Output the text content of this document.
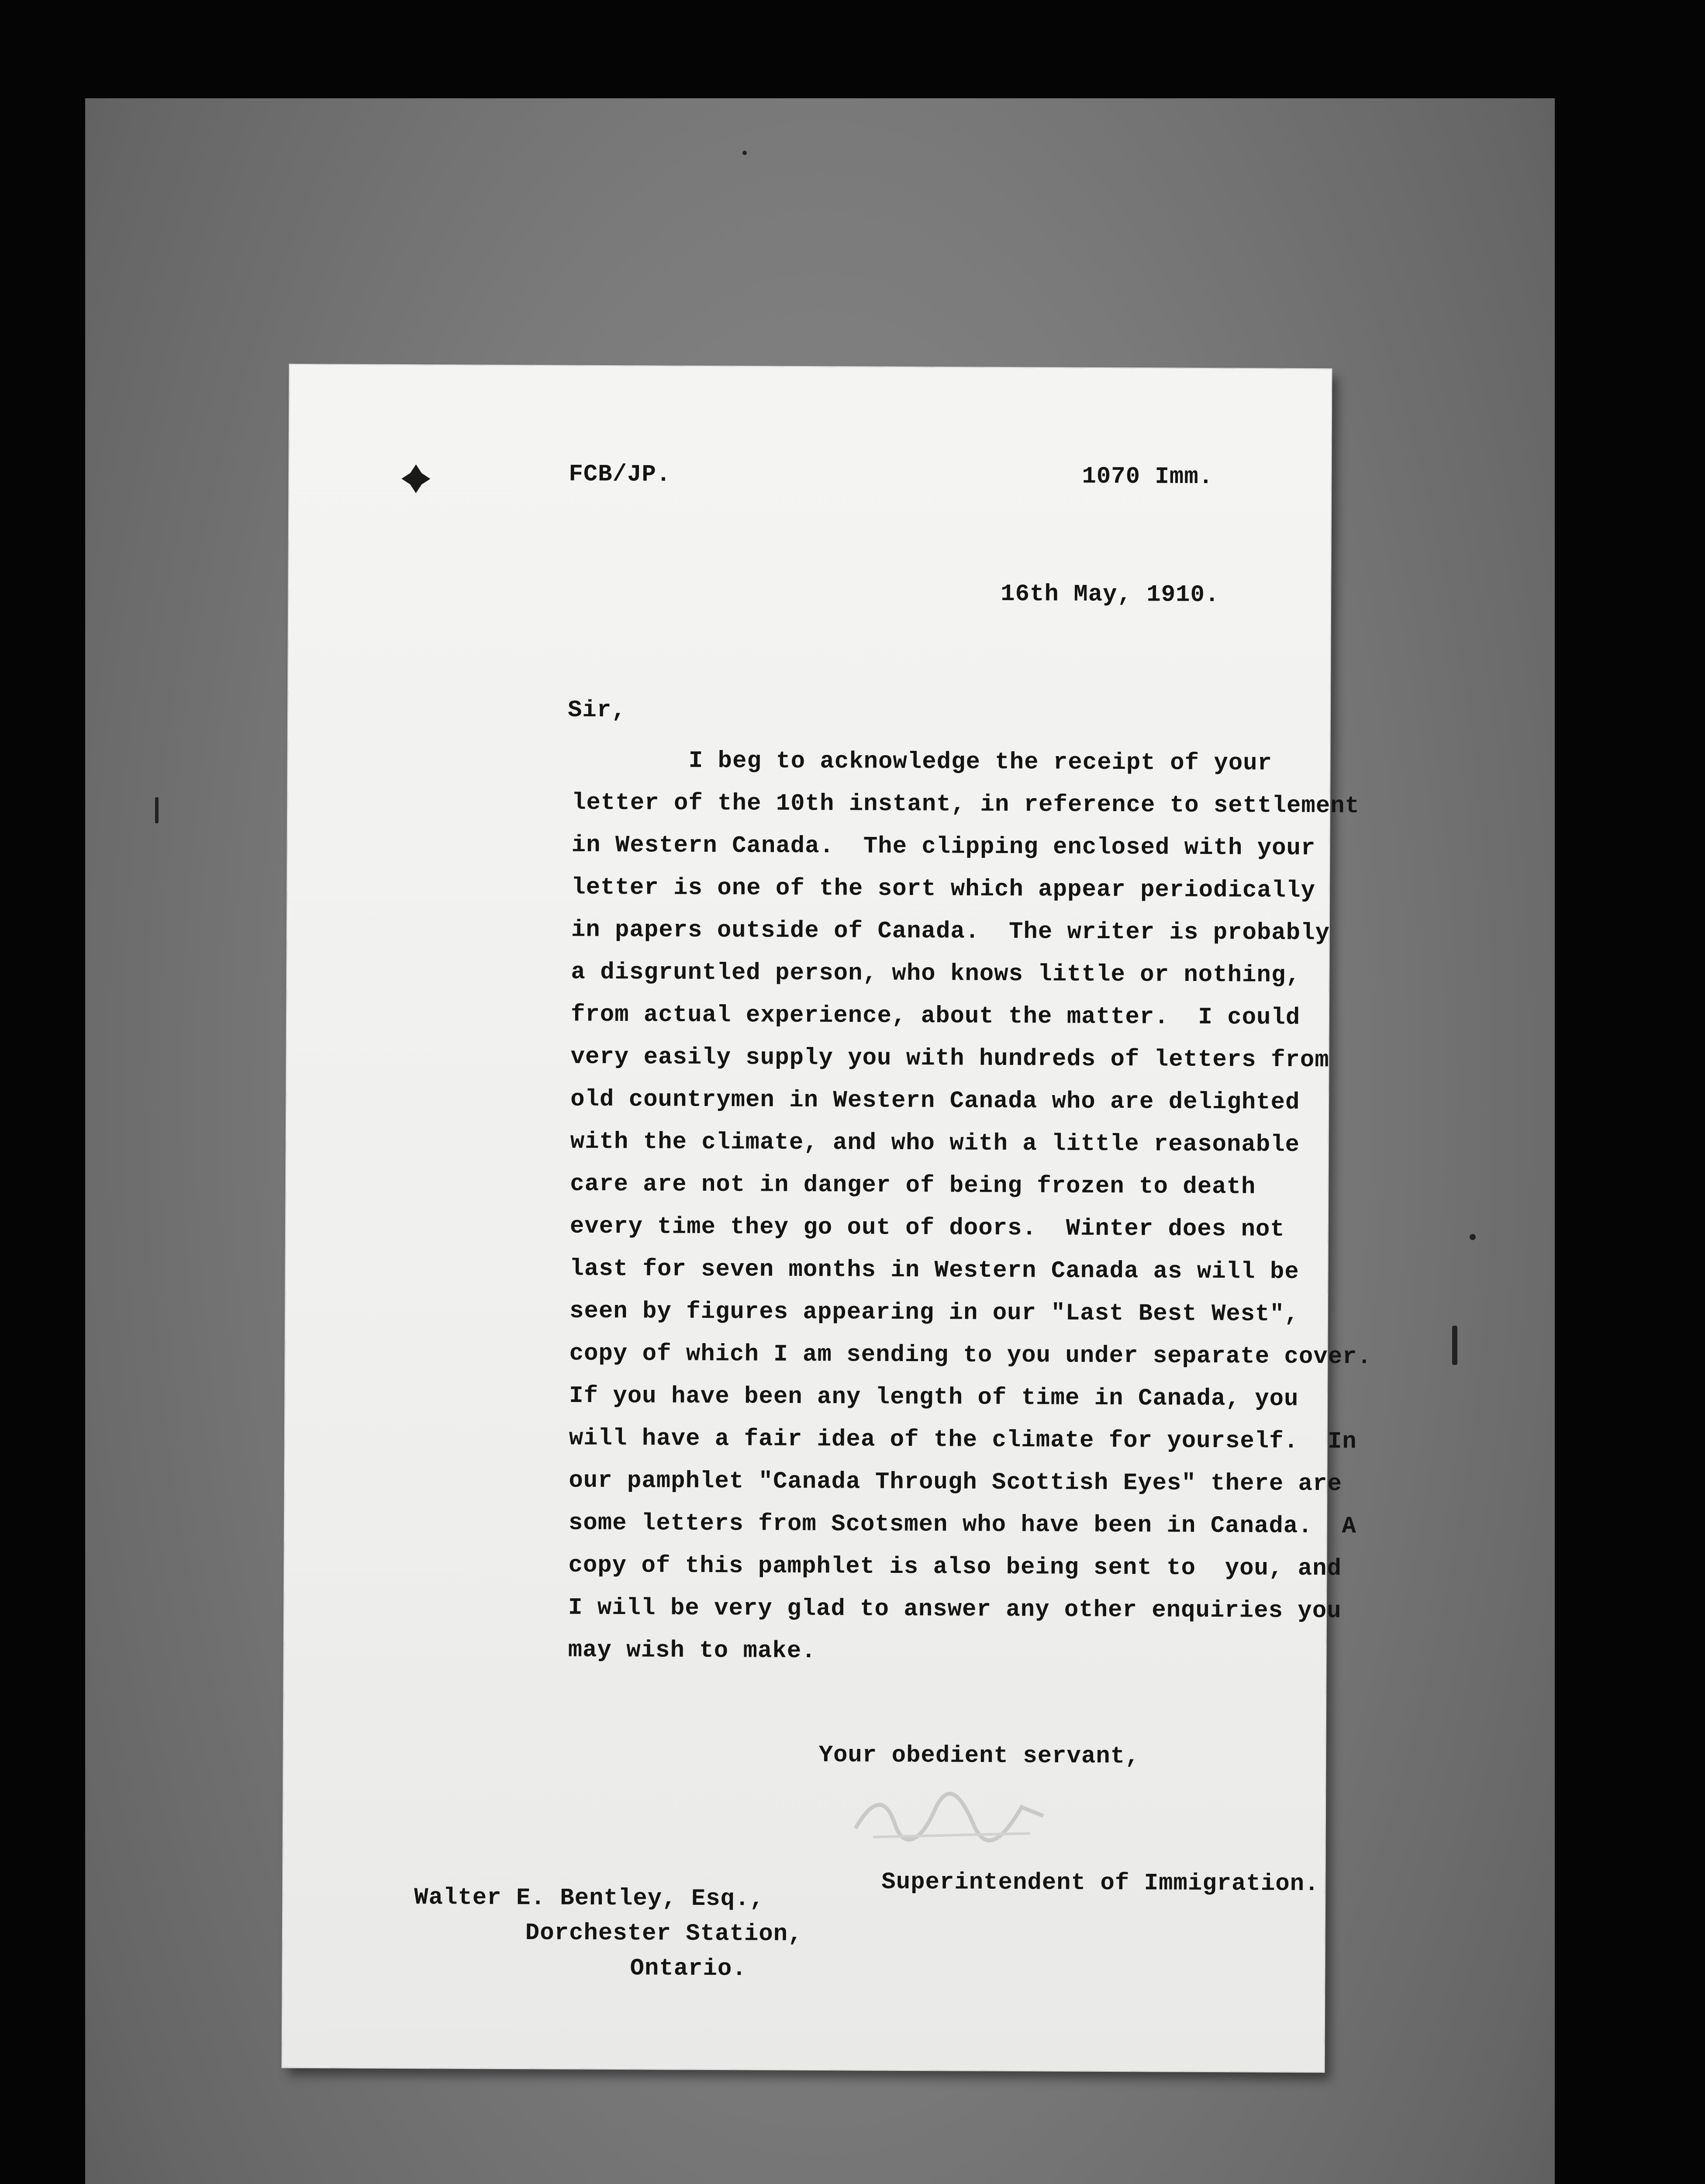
FCB/JP.	1070 Imm.
16th May, 1910.
Sir,

I beg to acknowledge the receipt of your

letter of the 10th instant, in reference to settlement

in Western Canada.  The clipping enclosed with your

letter is one of the sort which appear periodically

in papers outside of Canada.  The writer is probably

a disgruntled person, who knows little or nothing,

from actual experience, about the matter.  I could

very easily supply you with hundreds of letters from

old countrymen in Western Canada who are delighted

with the climate, and who with a little reasonable

care are not in danger of being frozen to death

every time they go out of doors.  Winter does not

last for seven months in Western Canada as will be

seen by figures appearing in our "Last Best West",

copy of which I am sending to you under separate cover.

If you have been any length of time in Canada, you

will have a fair idea of the climate for yourself.  In

our pamphlet "Canada Through Scottish Eyes" there are

some letters from Scotsmen who have been in Canada.  A

copy of this pamphlet is also being sent to  you, and

I will be very glad to answer any other enquiries you

may wish to make.

Your obedient servant,
Superintendent of Immigration.
Walter E. Bentley, Esq.,
Dorchester Station,
Ontario.
